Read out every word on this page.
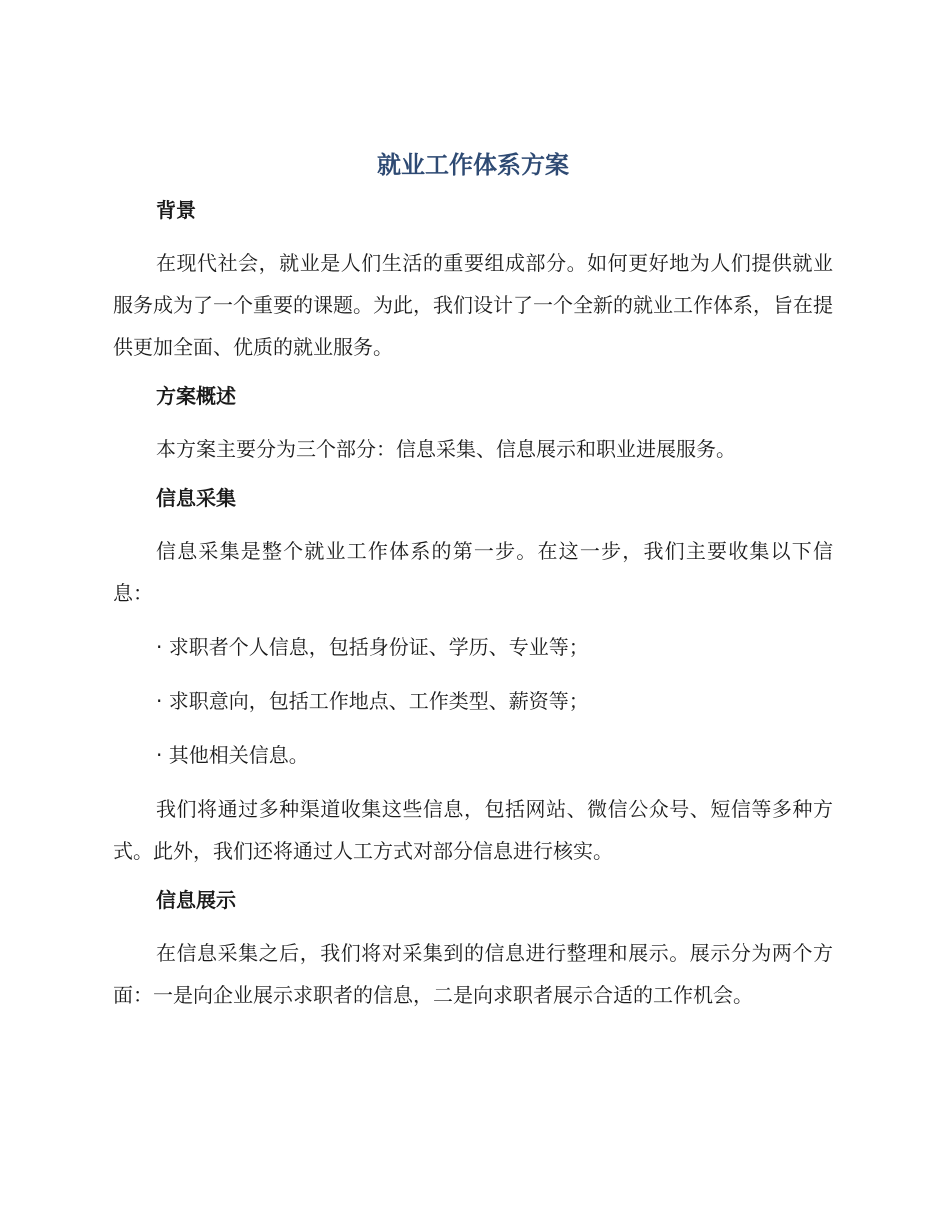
就业工作体系方案
背景

在现代社会，就业是人们生活的重要组成部分。如何更好地为人们提供就业服务成为了一个重要的课题。为此，我们设计了一个全新的就业工作体系，旨在提供更加全面、优质的就业服务。

方案概述

本方案主要分为三个部分：信息采集、信息展示和职业进展服务。

信息采集

信息采集是整个就业工作体系的第一步。在这一步，我们主要收集以下信息：

· 求职者个人信息，包括身份证、学历、专业等；

· 求职意向，包括工作地点、工作类型、薪资等；

· 其他相关信息。

我们将通过多种渠道收集这些信息，包括网站、微信公众号、短信等多种方式。此外，我们还将通过人工方式对部分信息进行核实。

信息展示

在信息采集之后，我们将对采集到的信息进行整理和展示。展示分为两个方面：一是向企业展示求职者的信息，二是向求职者展示合适的工作机会。
